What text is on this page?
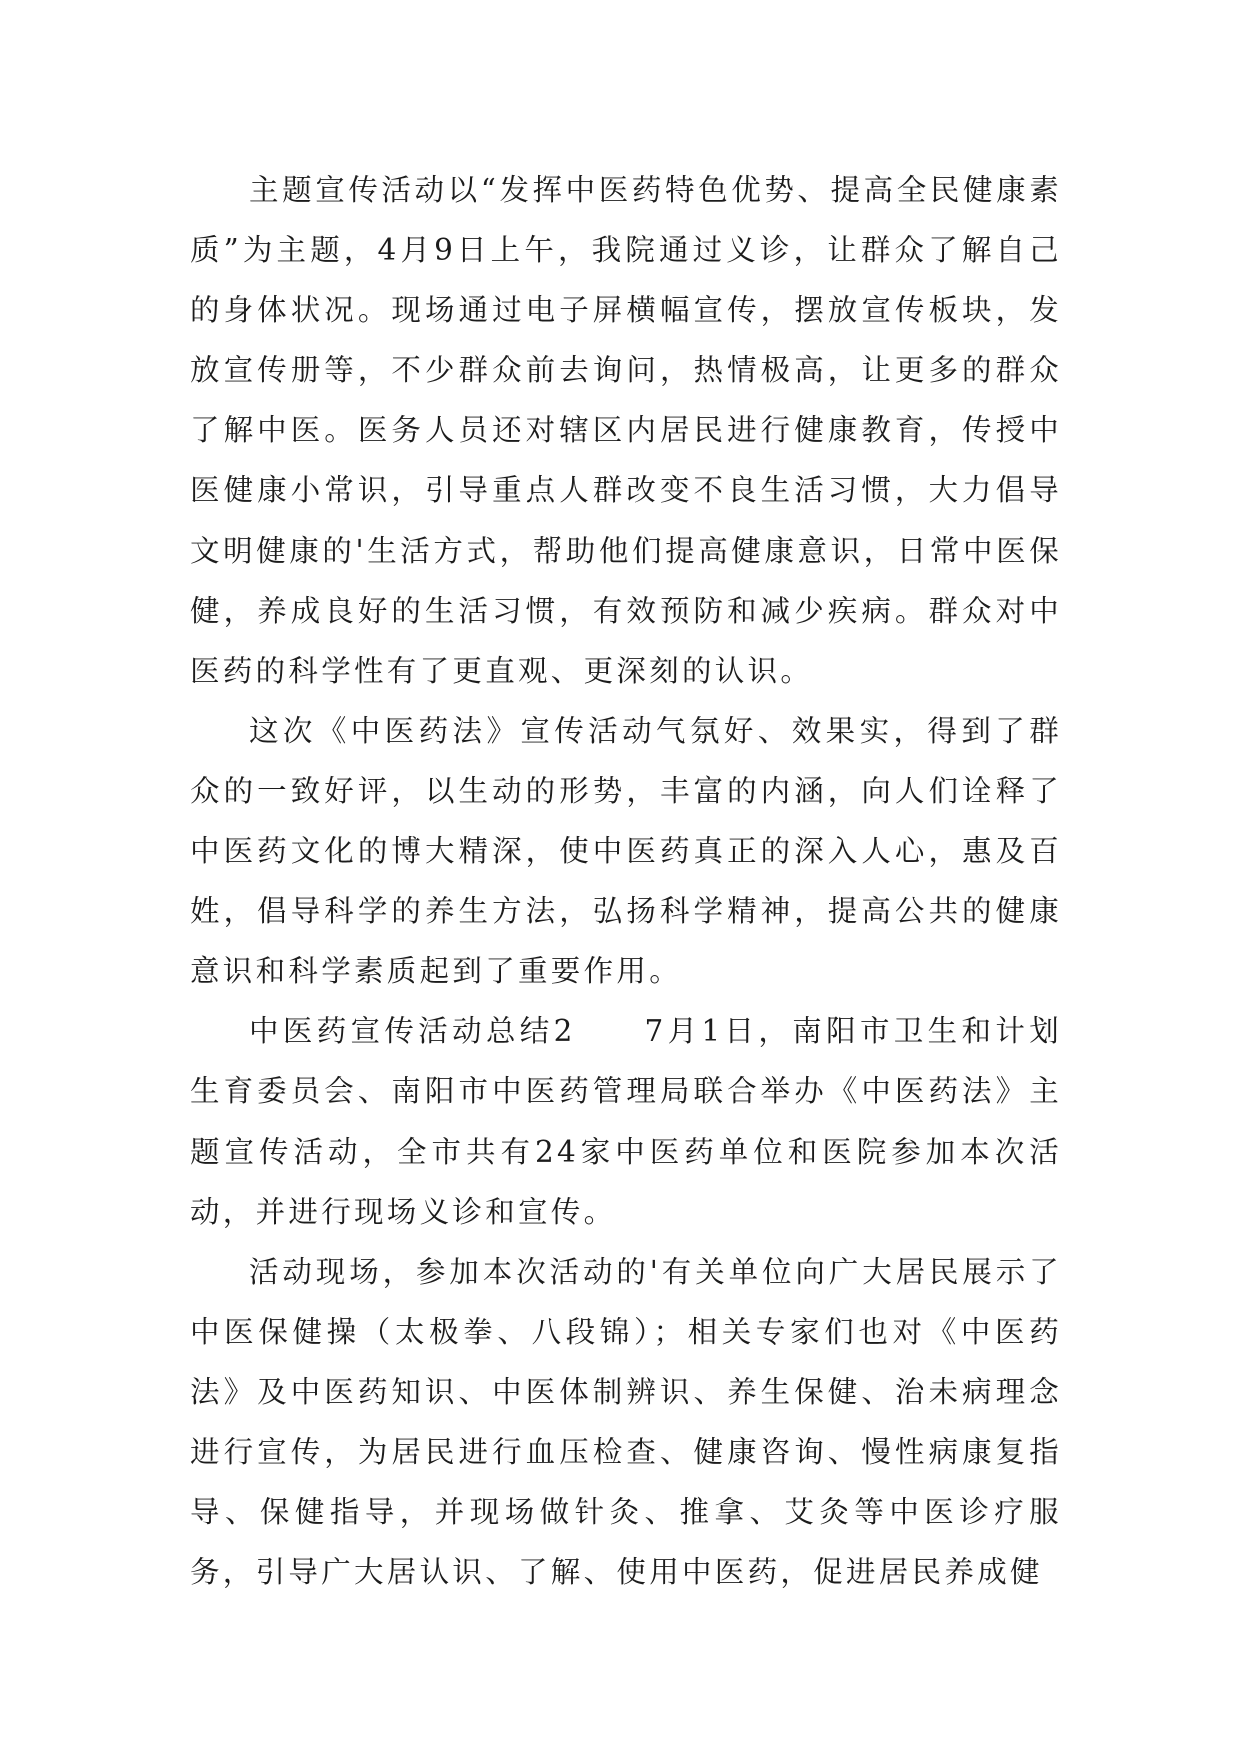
主题宣传活动以“发挥中医药特色优势、提高全民健康素质”为主题，4月9日上午，我院通过义诊，让群众了解自己的身体状况。现场通过电子屏横幅宣传，摆放宣传板块，发放宣传册等，不少群众前去询问，热情极高，让更多的群众了解中医。医务人员还对辖区内居民进行健康教育，传授中医健康小常识，引导重点人群改变不良生活习惯，大力倡导文明健康的'生活方式，帮助他们提高健康意识，日常中医保健，养成良好的生活习惯，有效预防和减少疾病。群众对中医药的科学性有了更直观、更深刻的认识。

这次《中医药法》宣传活动气氛好、效果实，得到了群众的一致好评，以生动的形势，丰富的内涵，向人们诠释了中医药文化的博大精深，使中医药真正的深入人心，惠及百姓，倡导科学的养生方法，弘扬科学精神，提高公共的健康意识和科学素质起到了重要作用。

中医药宣传活动总结2　　7月1日，南阳市卫生和计划生育委员会、南阳市中医药管理局联合举办《中医药法》主题宣传活动，全市共有24家中医药单位和医院参加本次活动，并进行现场义诊和宣传。

活动现场，参加本次活动的'有关单位向广大居民展示了中医保健操（太极拳、八段锦）；相关专家们也对《中医药法》及中医药知识、中医体制辨识、养生保健、治未病理念进行宣传，为居民进行血压检查、健康咨询、慢性病康复指导、保健指导，并现场做针灸、推拿、艾灸等中医诊疗服务，引导广大居认识、了解、使用中医药，促进居民养成健
